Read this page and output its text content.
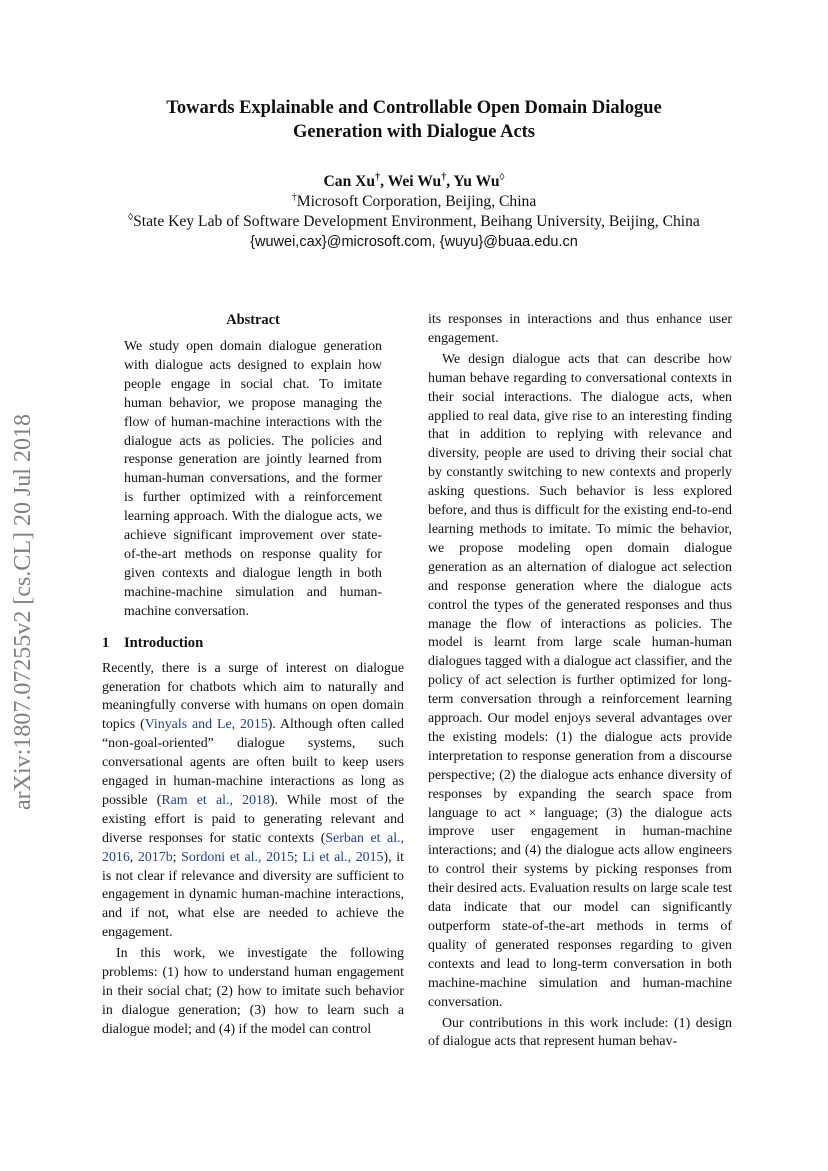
Towards Explainable and Controllable Open Domain Dialogue
Generation with Dialogue Acts
Can Xu†, Wei Wu†, Yu Wu◊
†Microsoft Corporation, Beijing, China
◊State Key Lab of Software Development Environment, Beihang University, Beijing, China
{wuwei,cax}@microsoft.com, {wuyu}@buaa.edu.cn
arXiv:1807.07255v2 [cs.CL] 20 Jul 2018
Abstract

We study open domain dialogue generation with dialogue acts designed to explain how people engage in social chat. To imitate human behavior, we propose managing the flow of human-machine interactions with the dialogue acts as policies. The policies and response generation are jointly learned from human-human conversations, and the former is further optimized with a reinforcement learning approach. With the dialogue acts, we achieve significant improvement over state-of-the-art methods on response quality for given contexts and dialogue length in both machine-machine simulation and human-machine conversation.

1 Introduction

Recently, there is a surge of interest on dialogue generation for chatbots which aim to naturally and meaningfully converse with humans on open domain topics (Vinyals and Le, 2015). Although often called “non-goal-oriented” dialogue systems, such conversational agents are often built to keep users engaged in human-machine interactions as long as possible (Ram et al., 2018). While most of the existing effort is paid to generating relevant and diverse responses for static contexts (Serban et al., 2016, 2017b; Sordoni et al., 2015; Li et al., 2015), it is not clear if relevance and diversity are sufficient to engagement in dynamic human-machine interactions, and if not, what else are needed to achieve the engagement.

In this work, we investigate the following problems: (1) how to understand human engagement in their social chat; (2) how to imitate such behavior in dialogue generation; (3) how to learn such a dialogue model; and (4) if the model can control

its responses in interactions and thus enhance user engagement.

We design dialogue acts that can describe how human behave regarding to conversational contexts in their social interactions. The dialogue acts, when applied to real data, give rise to an interesting finding that in addition to replying with relevance and diversity, people are used to driving their social chat by constantly switching to new contexts and properly asking questions. Such behavior is less explored before, and thus is difficult for the existing end-to-end learning methods to imitate. To mimic the behavior, we propose modeling open domain dialogue generation as an alternation of dialogue act selection and response generation where the dialogue acts control the types of the generated responses and thus manage the flow of interactions as policies. The model is learnt from large scale human-human dialogues tagged with a dialogue act classifier, and the policy of act selection is further optimized for long-term conversation through a reinforcement learning approach. Our model enjoys several advantages over the existing models: (1) the dialogue acts provide interpretation to response generation from a discourse perspective; (2) the dialogue acts enhance diversity of responses by expanding the search space from language to act × language; (3) the dialogue acts improve user engagement in human-machine interactions; and (4) the dialogue acts allow engineers to control their systems by picking responses from their desired acts. Evaluation results on large scale test data indicate that our model can significantly outperform state-of-the-art methods in terms of quality of generated responses regarding to given contexts and lead to long-term conversation in both machine-machine simulation and human-machine conversation.

Our contributions in this work include: (1) design of dialogue acts that represent human behav-
